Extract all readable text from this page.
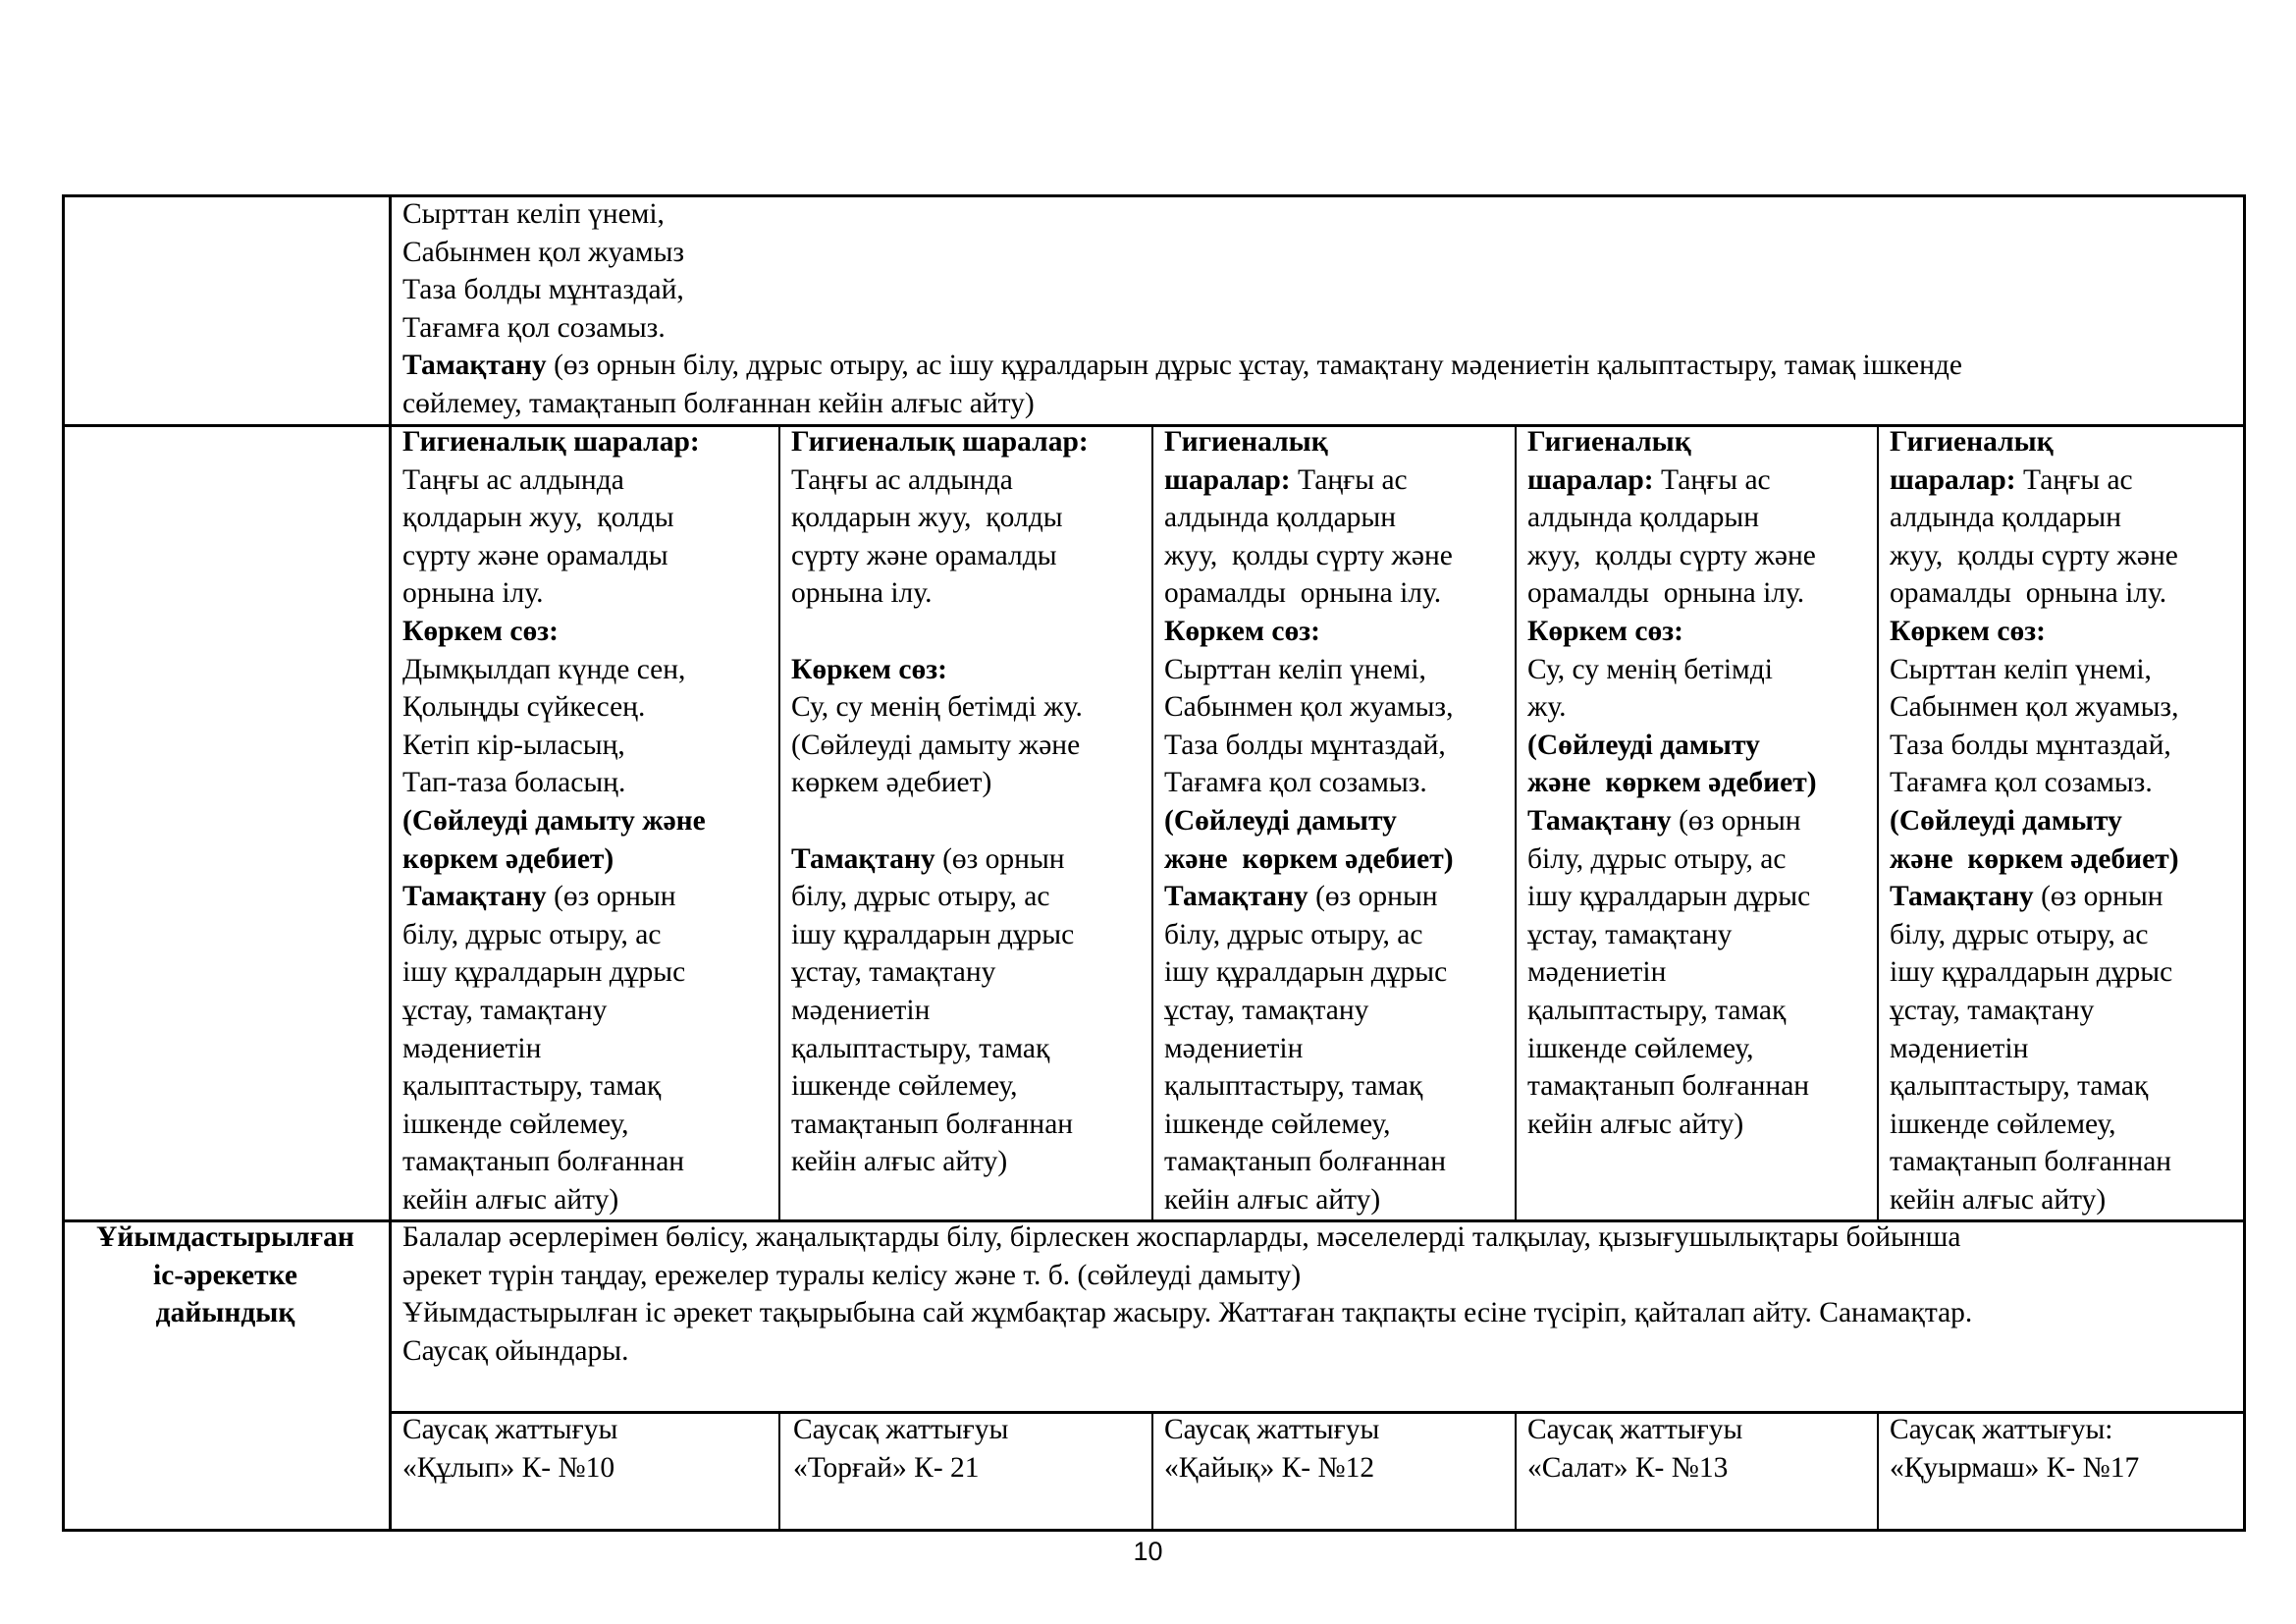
Сырттан келіп үнемі,

Сабынмен қол жуамыз

Таза болды мұнтаздай,

Тағамға қол созамыз.

Тамақтану (өз орнын білу, дұрыс отыру, ас ішу құралдарын дұрыс ұстау, тамақтану мәдениетін қалыптастыру, тамақ ішкенде

сөйлемеу, тамақтанып болғаннан кейін алғыс айту)

Гигиеналық шаралар:

Таңғы ас алдында

қолдарын жуу,  қолды

сүрту және орамалды

орнына ілу.

Көркем сөз:

Дымқылдап күнде сен,

Қолыңды сүйкесең.

Кетіп кір-ыласың,

Тап-таза боласың.

(Сөйлеуді дамыту және

көркем әдебиет)

Тамақтану (өз орнын

білу, дұрыс отыру, ас

ішу құралдарын дұрыс

ұстау, тамақтану

мәдениетін

қалыптастыру, тамақ

ішкенде сөйлемеу,

тамақтанып болғаннан

кейін алғыс айту)

Гигиеналық шаралар:

Таңғы ас алдында

қолдарын жуу,  қолды

сүрту және орамалды

орнына ілу.

Көркем сөз:

Су, су менің бетімді жу.

(Сөйлеуді дамыту және

көркем әдебиет)

Тамақтану (өз орнын

білу, дұрыс отыру, ас

ішу құралдарын дұрыс

ұстау, тамақтану

мәдениетін

қалыптастыру, тамақ

ішкенде сөйлемеу,

тамақтанып болғаннан

кейін алғыс айту)

Гигиеналық

шаралар: Таңғы ас

алдында қолдарын

жуу,  қолды сүрту және

орамалды  орнына ілу.

Көркем сөз:

Сырттан келіп үнемі,

Сабынмен қол жуамыз,

Таза болды мұнтаздай,

Тағамға қол созамыз.

(Сөйлеуді дамыту

және  көркем әдебиет)

Тамақтану (өз орнын

білу, дұрыс отыру, ас

ішу құралдарын дұрыс

ұстау, тамақтану

мәдениетін

қалыптастыру, тамақ

ішкенде сөйлемеу,

тамақтанып болғаннан

кейін алғыс айту)

Гигиеналық

шаралар: Таңғы ас

алдында қолдарын

жуу,  қолды сүрту және

орамалды  орнына ілу.

Көркем сөз:

Су, су менің бетімді

жу.

(Сөйлеуді дамыту

және  көркем әдебиет)

Тамақтану (өз орнын

білу, дұрыс отыру, ас

ішу құралдарын дұрыс

ұстау, тамақтану

мәдениетін

қалыптастыру, тамақ

ішкенде сөйлемеу,

тамақтанып болғаннан

кейін алғыс айту)

Гигиеналық

шаралар: Таңғы ас

алдында қолдарын

жуу,  қолды сүрту және

орамалды  орнына ілу.

Көркем сөз:

Сырттан келіп үнемі,

Сабынмен қол жуамыз,

Таза болды мұнтаздай,

Тағамға қол созамыз.

(Сөйлеуді дамыту

және  көркем әдебиет)

Тамақтану (өз орнын

білу, дұрыс отыру, ас

ішу құралдарын дұрыс

ұстау, тамақтану

мәдениетін

қалыптастыру, тамақ

ішкенде сөйлемеу,

тамақтанып болғаннан

кейін алғыс айту)

Ұйымдастырылған

іс-әрекетке

дайындық

Балалар әсерлерімен бөлісу, жаңалықтарды білу, бірлескен жоспарларды, мәселелерді талқылау, қызығушылықтары бойынша

әрекет түрін таңдау, ережелер туралы келісу және т. б. (сөйлеуді дамыту)

Ұйымдастырылған іс әрекет тақырыбына сай жұмбақтар жасыру. Жаттаған тақпақты есіне түсіріп, қайталап айту. Санамақтар.

Саусақ ойындары.

Саусақ жаттығуы

«Құлып» К- №10

Саусақ жаттығуы

«Торғай» К- 21

Саусақ жаттығуы

«Қайық» К- №12

Саусақ жаттығуы

«Салат» К- №13

Саусақ жаттығуы:

«Қуырмаш» К- №17

10
